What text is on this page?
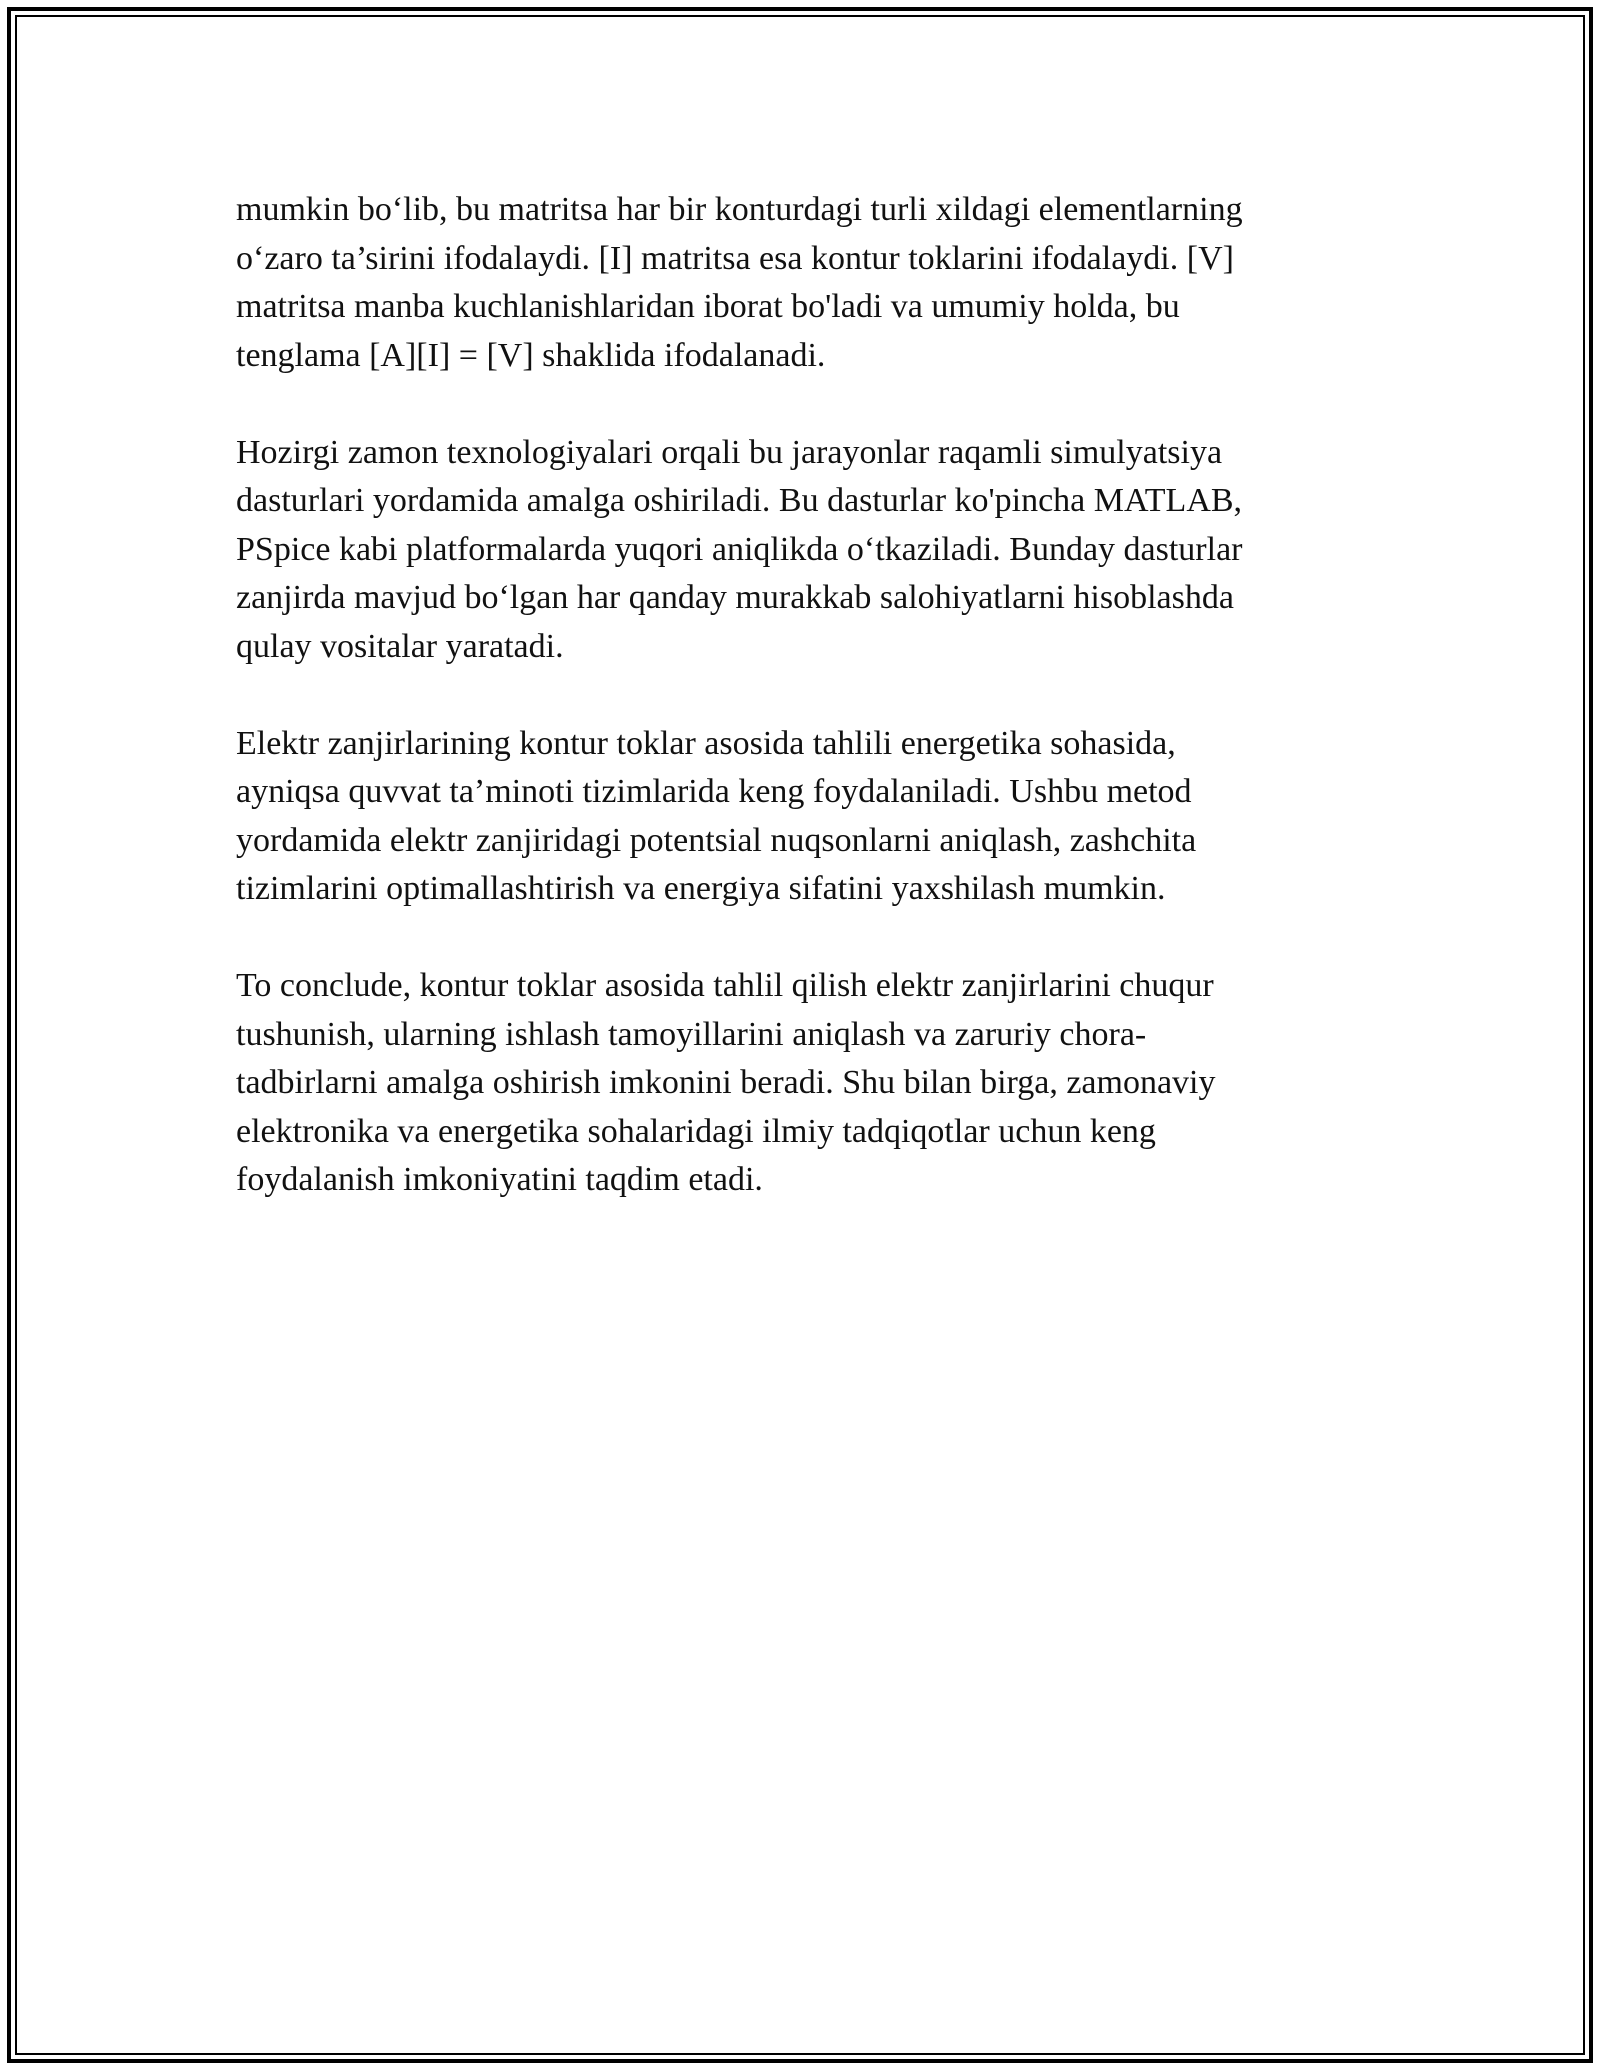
mumkin bo‘lib, bu matritsa har bir konturdagi turli xildagi elementlarning
o‘zaro ta’sirini ifodalaydi. [I] matritsa esa kontur toklarini ifodalaydi. [V]
matritsa manba kuchlanishlaridan iborat bo'ladi va umumiy holda, bu
tenglama [A][I] = [V] shaklida ifodalanadi.

Hozirgi zamon texnologiyalari orqali bu jarayonlar raqamli simulyatsiya
dasturlari yordamida amalga oshiriladi. Bu dasturlar ko'pincha MATLAB,
PSpice kabi platformalarda yuqori aniqlikda o‘tkaziladi. Bunday dasturlar
zanjirda mavjud bo‘lgan har qanday murakkab salohiyatlarni hisoblashda
qulay vositalar yaratadi.

Elektr zanjirlarining kontur toklar asosida tahlili energetika sohasida,
ayniqsa quvvat ta’minoti tizimlarida keng foydalaniladi. Ushbu metod
yordamida elektr zanjiridagi potentsial nuqsonlarni aniqlash, zashchita
tizimlarini optimallashtirish va energiya sifatini yaxshilash mumkin.

To conclude, kontur toklar asosida tahlil qilish elektr zanjirlarini chuqur
tushunish, ularning ishlash tamoyillarini aniqlash va zaruriy chora-
tadbirlarni amalga oshirish imkonini beradi. Shu bilan birga, zamonaviy
elektronika va energetika sohalaridagi ilmiy tadqiqotlar uchun keng
foydalanish imkoniyatini taqdim etadi.
